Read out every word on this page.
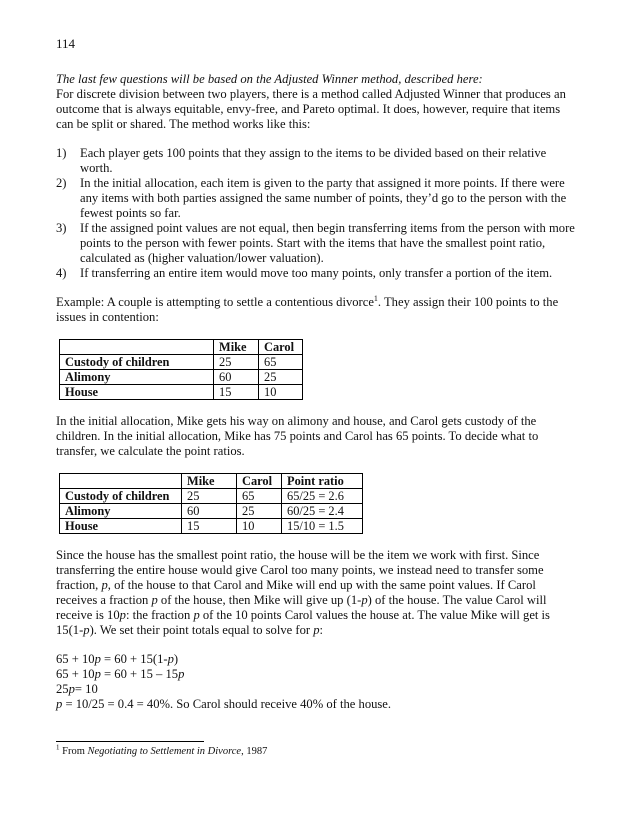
114

The last few questions will be based on the Adjusted Winner method, described here:

For discrete division between two players, there is a method called Adjusted Winner that produces an outcome that is always equitable, envy-free, and Pareto optimal. It does, however, require that items can be split or shared. The method works like this:

1) Each player gets 100 points that they assign to the items to be divided based on their relative worth.
2) In the initial allocation, each item is given to the party that assigned it more points. If there were any items with both parties assigned the same number of points, they’d go to the person with the fewest points so far.
3) If the assigned point values are not equal, then begin transferring items from the person with more points to the person with fewer points. Start with the items that have the smallest point ratio, calculated as (higher valuation/lower valuation).
4) If transferring an entire item would move too many points, only transfer a portion of the item.

Example: A couple is attempting to settle a contentious divorce$^1$. They assign their 100 points to the issues in contention:

	Mike	Carol
Custody of children	25	65
Alimony	60	25
House	15	10

In the initial allocation, Mike gets his way on alimony and house, and Carol gets custody of the children. In the initial allocation, Mike has 75 points and Carol has 65 points. To decide what to transfer, we calculate the point ratios.

	Mike	Carol	Point ratio
Custody of children	25	65	65/25 = 2.6
Alimony	60	25	60/25 = 2.4
House	15	10	15/10 = 1.5

Since the house has the smallest point ratio, the house will be the item we work with first. Since transferring the entire house would give Carol too many points, we instead need to transfer some fraction, p, of the house to that Carol and Mike will end up with the same point values. If Carol receives a fraction p of the house, then Mike will give up (1-p) of the house. The value Carol will receive is 10p: the fraction p of the 10 points Carol values the house at. The value Mike will get is 15(1-p). We set their point totals equal to solve for p:

65 + 10p = 60 + 15(1-p)

65 + 10p = 60 + 15 – 15p

25p= 10

p = 10/25 = 0.4 = 40%. So Carol should receive 40% of the house.

$^1$ From Negotiating to Settlement in Divorce, 1987
